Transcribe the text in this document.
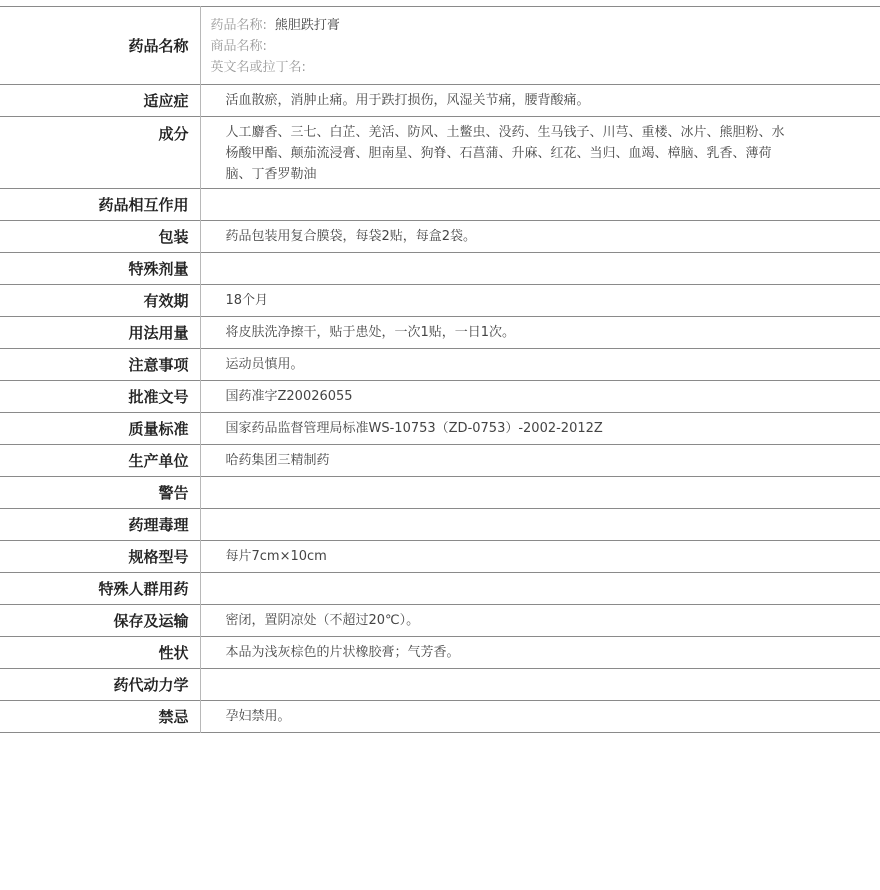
药品名称	药品名称: 熊胆跌打膏
商品名称:
英文名或拉丁名:

适应症	活血散瘀，消肿止痛。用于跌打损伤，风湿关节痛，腰背酸痛。
成分	人工麝香、三七、白芷、羌活、防风、土鳖虫、没药、生马钱子、川芎、重楼、冰片、熊胆粉、水杨酸甲酯、颠茄流浸膏、胆南星、狗脊、石菖蒲、升麻、红花、当归、血竭、樟脑、乳香、薄荷脑、丁香罗勒油

药品相互作用	
包装	药品包装用复合膜袋，每袋2贴，每盒2袋。
特殊剂量	
有效期	18个月
用法用量	将皮肤洗净擦干，贴于患处，一次1贴，一日1次。
注意事项	运动员慎用。
批准文号	国药准字Z20026055
质量标准	国家药品监督管理局标准WS-10753（ZD-0753）-2002-2012Z
生产单位	哈药集团三精制药
警告	
药理毒理	
规格型号	每片7cm×10cm
特殊人群用药	
保存及运输	密闭，置阴凉处（不超过20℃）。
性状	本品为浅灰棕色的片状橡胶膏；气芳香。
药代动力学	
禁忌	孕妇禁用。
